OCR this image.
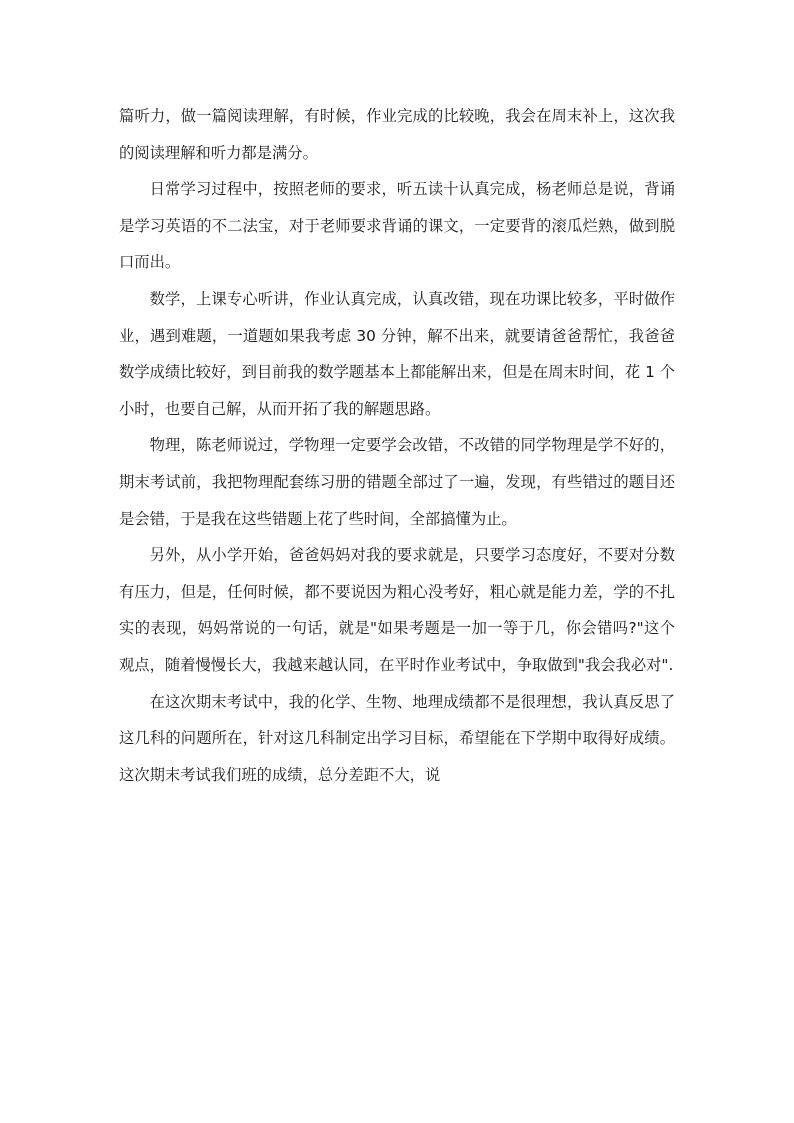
篇听力，做一篇阅读理解，有时候，作业完成的比较晚，我会在周末补上，这次我的阅读理解和听力都是满分。

日常学习过程中，按照老师的要求，听五读十认真完成，杨老师总是说，背诵是学习英语的不二法宝，对于老师要求背诵的课文，一定要背的滚瓜烂熟，做到脱口而出。

数学，上课专心听讲，作业认真完成，认真改错，现在功课比较多，平时做作业，遇到难题，一道题如果我考虑 30 分钟，解不出来，就要请爸爸帮忙，我爸爸数学成绩比较好，到目前我的数学题基本上都能解出来，但是在周末时间，花 1 个小时，也要自己解，从而开拓了我的解题思路。

物理，陈老师说过，学物理一定要学会改错，不改错的同学物理是学不好的，期末考试前，我把物理配套练习册的错题全部过了一遍，发现，有些错过的题目还是会错，于是我在这些错题上花了些时间，全部搞懂为止。

另外，从小学开始，爸爸妈妈对我的要求就是，只要学习态度好，不要对分数有压力，但是，任何时候，都不要说因为粗心没考好，粗心就是能力差，学的不扎实的表现，妈妈常说的一句话，就是"如果考题是一加一等于几，你会错吗?"这个观点，随着慢慢长大，我越来越认同，在平时作业考试中，争取做到"我会我必对".

在这次期末考试中，我的化学、生物、地理成绩都不是很理想，我认真反思了这几科的问题所在，针对这几科制定出学习目标，希望能在下学期中取得好成绩。这次期末考试我们班的成绩，总分差距不大，说
